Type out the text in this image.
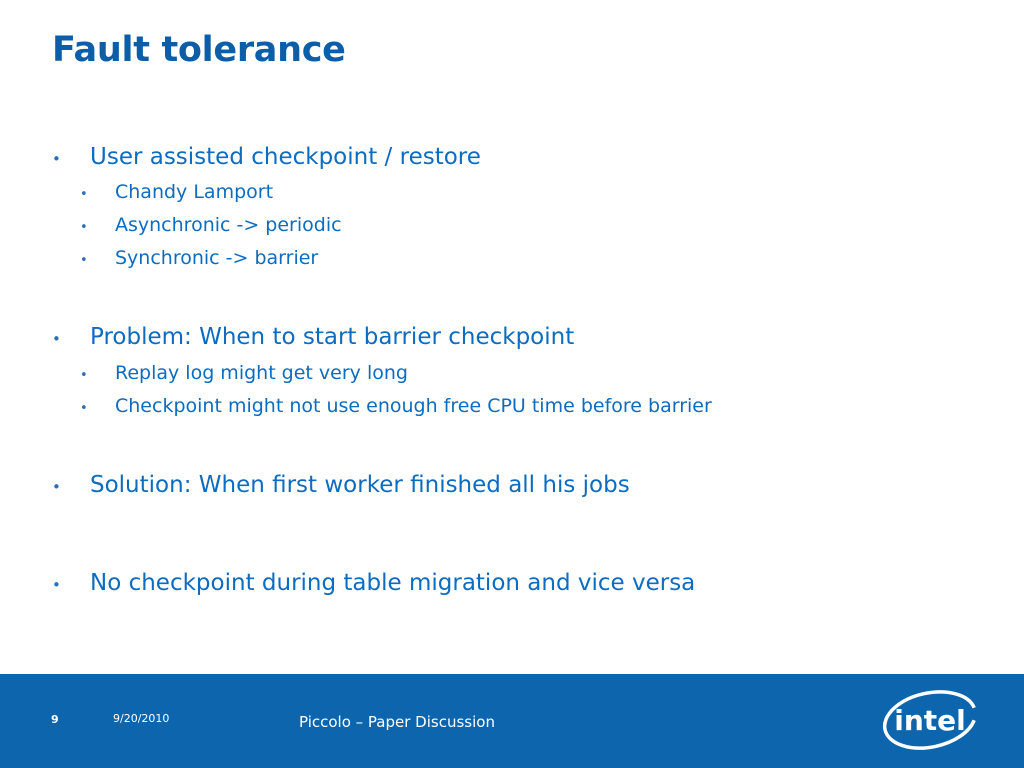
Fault tolerance
•	User assisted checkpoint / restore
•	Chandy Lamport
•	Asynchronic -> periodic
•	Synchronic -> barrier
•	Problem: When to start barrier checkpoint
•	Replay log might get very long
•	Checkpoint might not use enough free CPU time before barrier
•	Solution: When first worker finished all his jobs
•	No checkpoint during table migration and vice versa
9	9/20/2010	Piccolo – Paper Discussion	intel
